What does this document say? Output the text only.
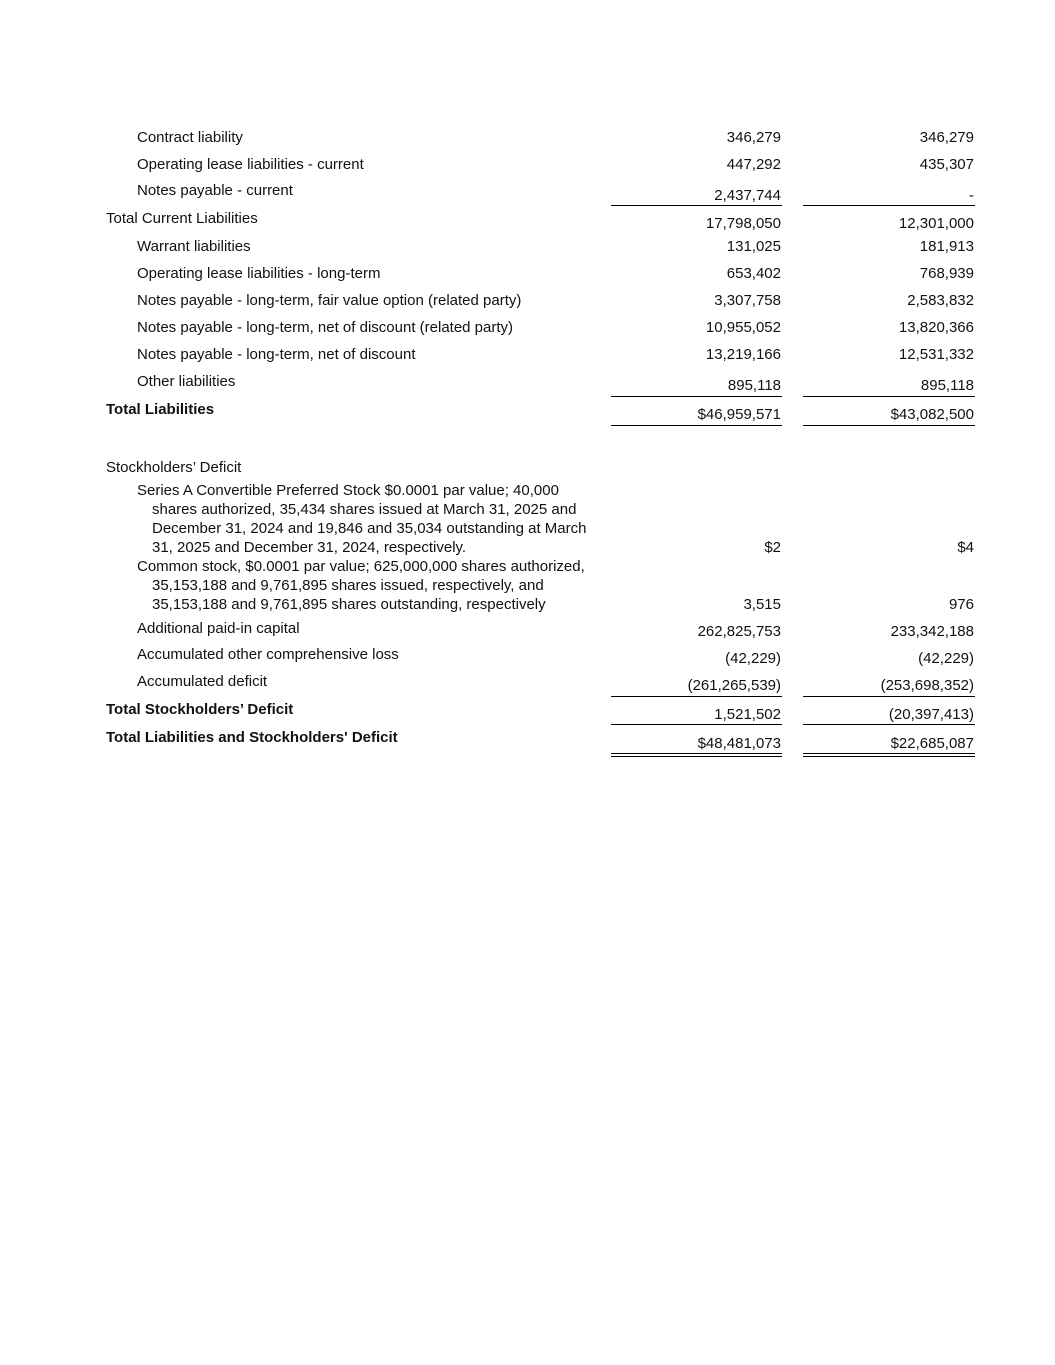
Contract liability	346,279	346,279
Operating lease liabilities - current	447,292	435,307
Notes payable - current	2,437,744	-
Total Current Liabilities	17,798,050	12,301,000
Warrant liabilities	131,025	181,913
Operating lease liabilities - long-term	653,402	768,939
Notes payable - long-term, fair value option (related party)	3,307,758	2,583,832
Notes payable - long-term, net of discount (related party)	10,955,052	13,820,366
Notes payable - long-term, net of discount	13,219,166	12,531,332
Other liabilities	895,118	895,118
Total Liabilities	$46,959,571	$43,082,500
Stockholders’ Deficit
Series A Convertible Preferred Stock $0.0001 par value; 40,000
shares authorized, 35,434 shares issued at March 31, 2025 and
December 31, 2024 and 19,846 and 35,034 outstanding at March
31, 2025 and December 31, 2024, respectively.	$2	$4
Common stock, $0.0001 par value; 625,000,000 shares authorized,
35,153,188 and 9,761,895 shares issued, respectively, and
35,153,188 and 9,761,895 shares outstanding, respectively	3,515	976
Additional paid-in capital	262,825,753	233,342,188
Accumulated other comprehensive loss	(42,229)	(42,229)
Accumulated deficit	(261,265,539)	(253,698,352)
Total Stockholders’ Deficit	1,521,502	(20,397,413)
Total Liabilities and Stockholders' Deficit	$48,481,073	$22,685,087
